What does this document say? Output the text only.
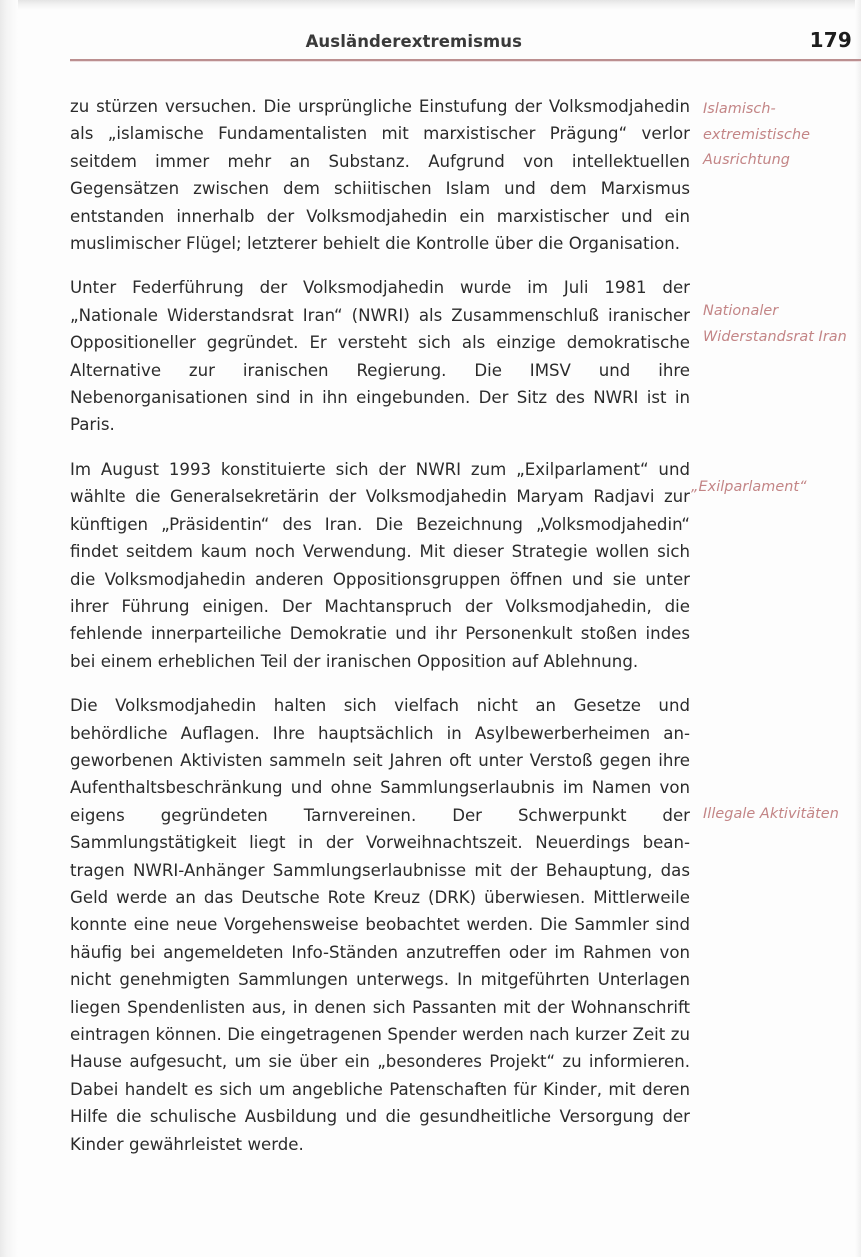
Ausländerextremismus	179

zu stürzen versuchen. Die ursprüngliche Einstufung der Volksmodjahedin als „islamische Fundamentalisten mit marxistischer Prägung“ verlor seitdem immer mehr an Substanz. Aufgrund von intellektuellen Gegensätzen zwischen dem schiitischen Islam und dem Marxismus entstanden innerhalb der Volksmodjahedin ein marxistischer und ein muslimischer Flügel; letzterer behielt die Kontrolle über die Organisation.

Unter Federführung der Volksmodjahedin wurde im Juli 1981 der „Nationale Widerstandsrat Iran“ (NWRI) als Zusammenschluß iranischer Oppositioneller gegründet. Er versteht sich als einzige demokratische Alternative zur iranischen Regierung. Die IMSV und ihre Nebenorganisationen sind in ihn eingebunden. Der Sitz des NWRI ist in Paris.

Im August 1993 konstituierte sich der NWRI zum „Exilparlament“ und wählte die Generalsekretärin der Volksmodjahedin Maryam Radjavi zur künftigen „Präsidentin“ des Iran. Die Bezeichnung „Volksmodjahedin“ findet seitdem kaum noch Verwendung. Mit dieser Strategie wollen sich die Volksmodjahedin anderen Oppositionsgruppen öffnen und sie unter ihrer Führung einigen. Der Machtanspruch der Volksmodjahedin, die fehlende innerparteiliche Demokratie und ihr Personenkult stoßen indes bei einem erheblichen Teil der iranischen Opposition auf Ablehnung.

Die Volksmodjahedin halten sich vielfach nicht an Gesetze und behördliche Auflagen. Ihre hauptsächlich in Asylbewerberheimen angeworbenen Aktivisten sammeln seit Jahren oft unter Verstoß gegen ihre Aufenthaltsbeschränkung und ohne Sammlungserlaubnis im Namen von eigens gegründeten Tarnvereinen. Der Schwerpunkt der Sammlungstätigkeit liegt in der Vorweihnachtszeit. Neuerdings beantragen NWRI-Anhänger Sammlungserlaubnisse mit der Behauptung, das Geld werde an das Deutsche Rote Kreuz (DRK) überwiesen. Mittlerweile konnte eine neue Vorgehensweise beobachtet werden. Die Sammler sind häufig bei angemeldeten Info-Ständen anzutreffen oder im Rahmen von nicht genehmigten Sammlungen unterwegs. In mitgeführten Unterlagen liegen Spendenlisten aus, in denen sich Passanten mit der Wohnanschrift eintragen können. Die eingetragenen Spender werden nach kurzer Zeit zu Hause aufgesucht, um sie über ein „besonderes Projekt“ zu informieren. Dabei handelt es sich um angebliche Patenschaften für Kinder, mit deren Hilfe die schulische Ausbildung und die gesundheitliche Versorgung der Kinder gewährleistet werde.

Islamisch-extremistische Ausrichtung
Nationaler Widerstandsrat Iran
„Exilparlament“
Illegale Aktivitäten
